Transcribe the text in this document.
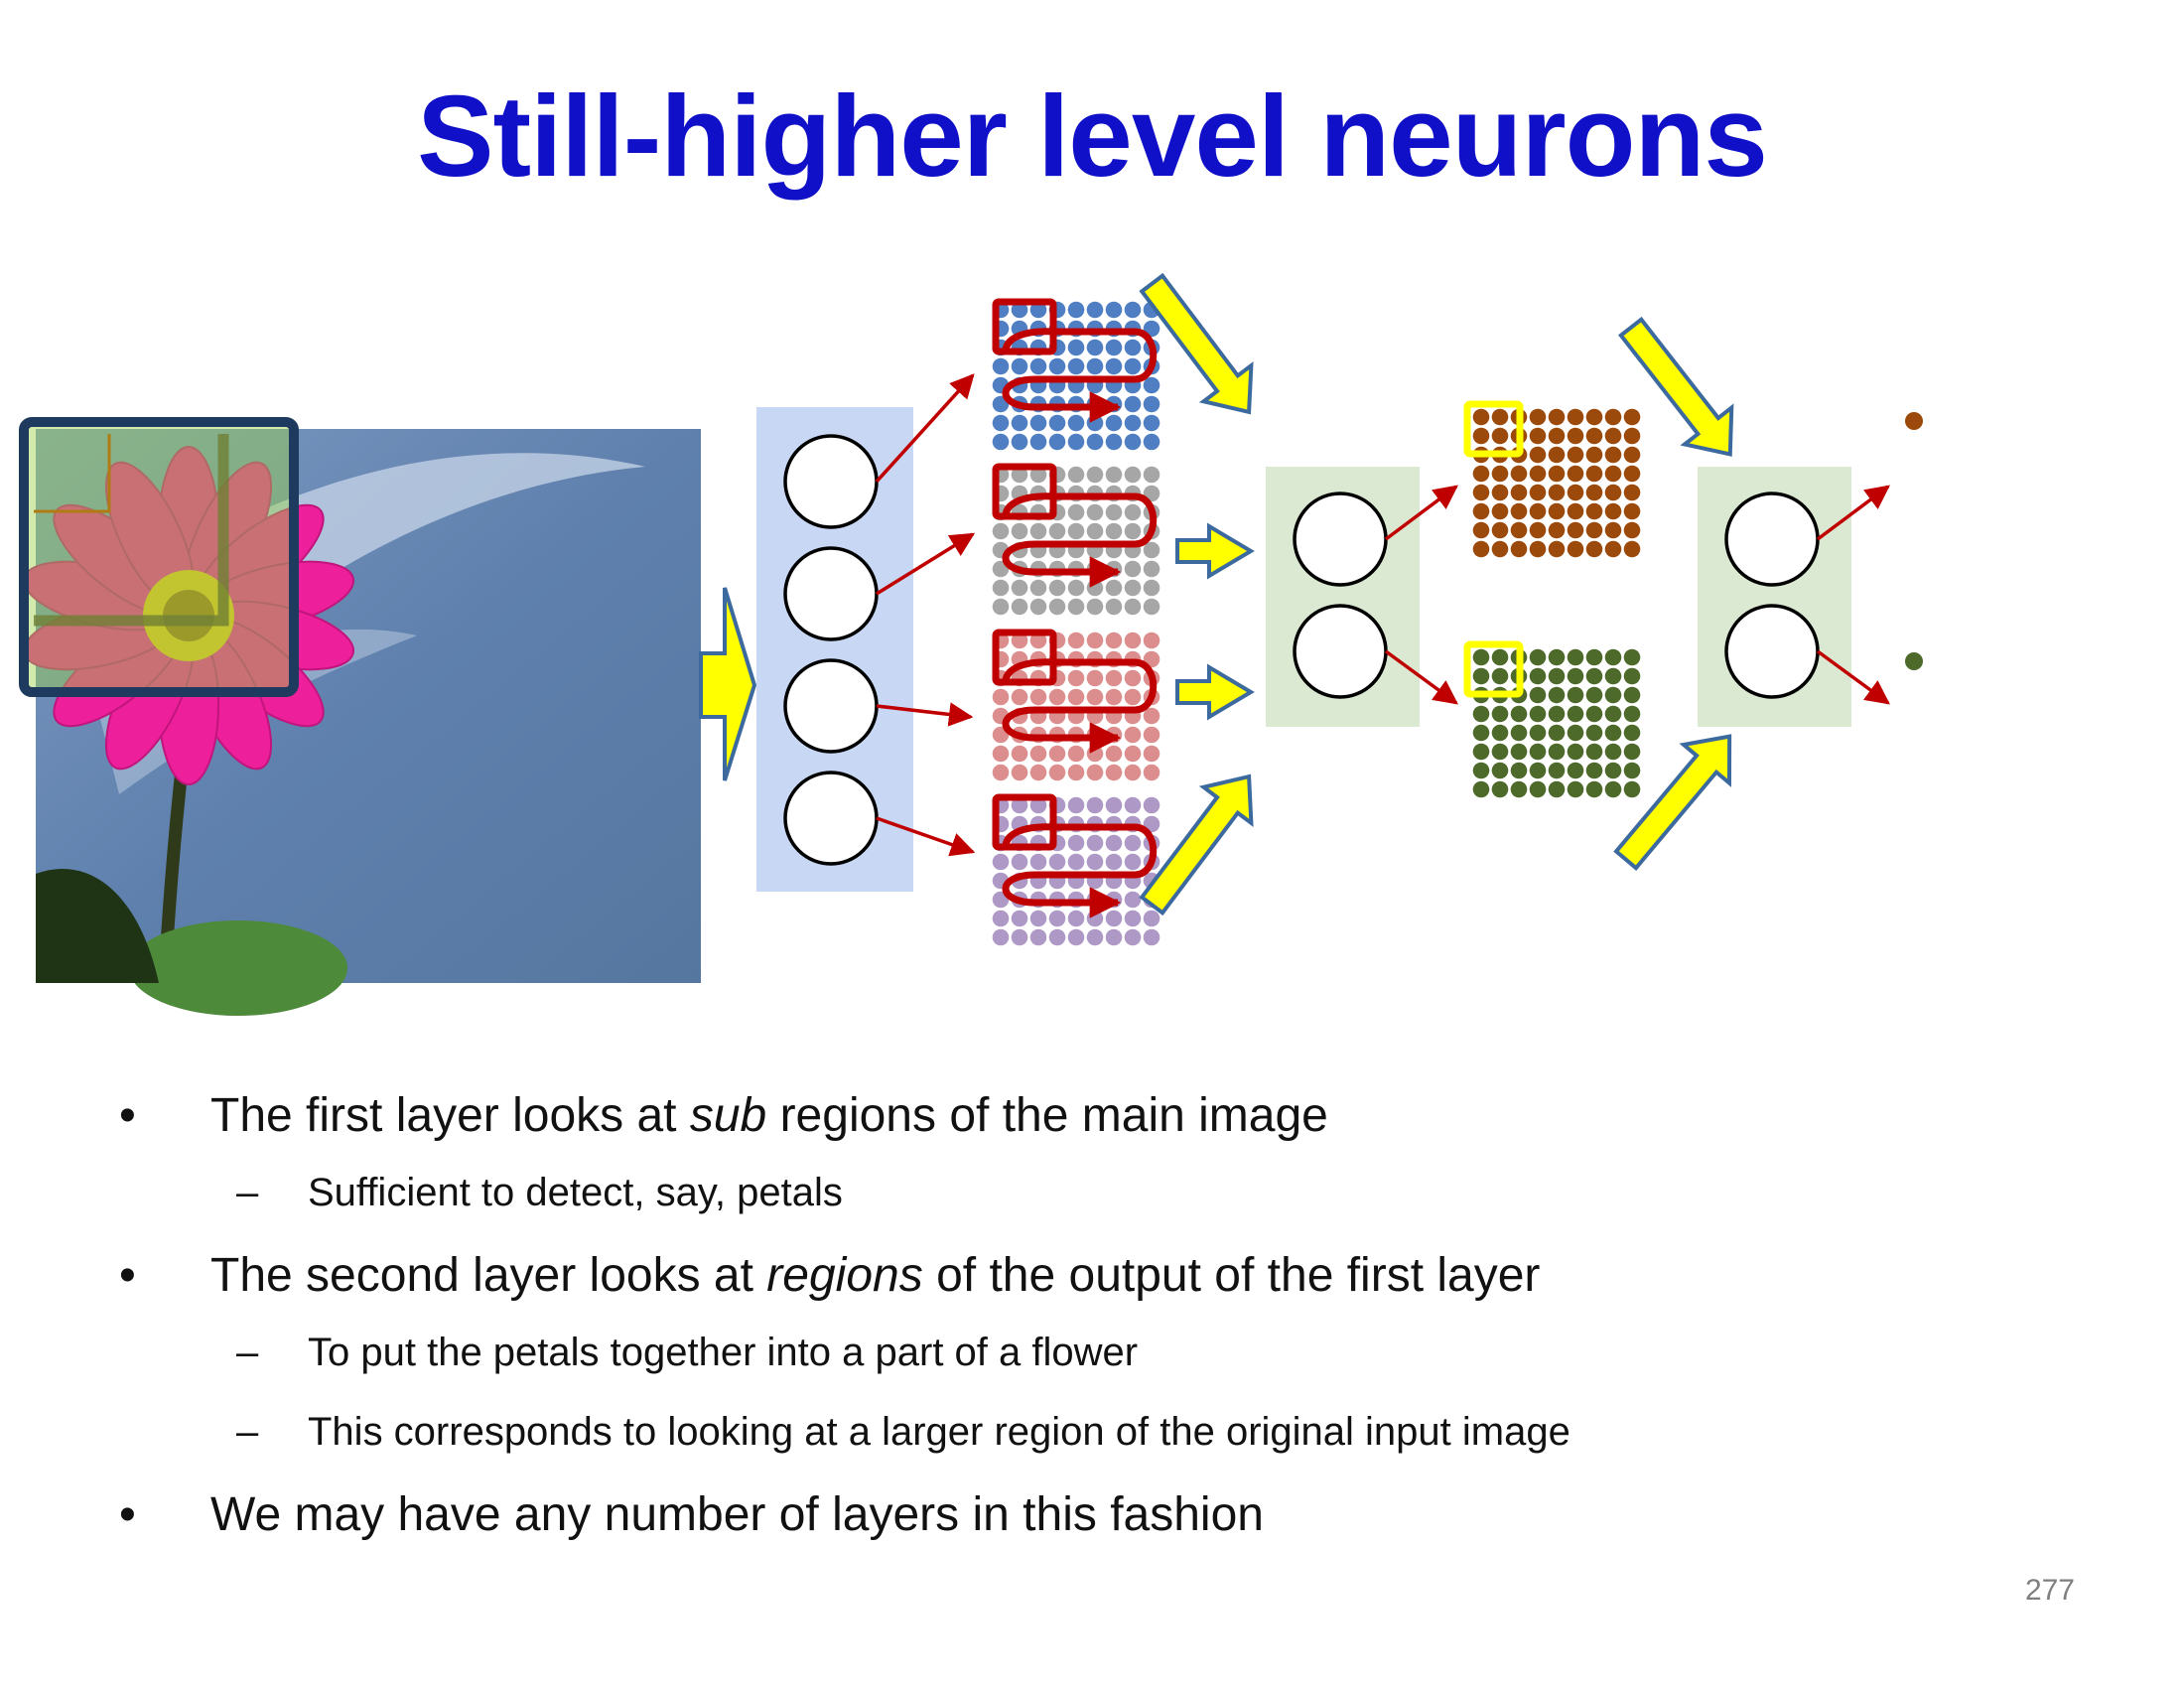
Still-higher level neurons
• The first layer looks at sub regions of the main image
– Sufficient to detect, say, petals
• The second layer looks at regions of the output of the first layer
– To put the petals together into a part of a flower
– This corresponds to looking at a larger region of the original input image
• We may have any number of layers in this fashion
277
